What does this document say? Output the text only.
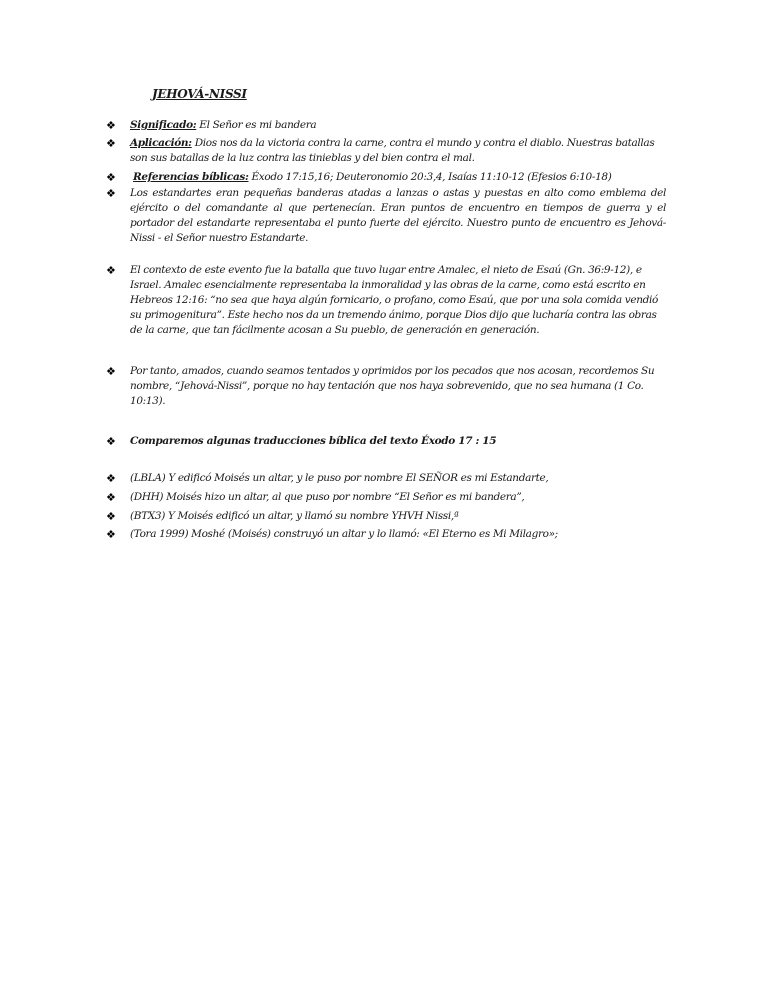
JEHOVÁ-NISSI
❖	Significado: El Señor es mi bandera
❖	Aplicación: Dios nos da la victoria contra la carne, contra el mundo y contra el diablo. Nuestras batallas son sus batallas de la luz contra las tinieblas y del bien contra el mal.
❖	Referencias bíblicas: Éxodo 17:15,16; Deuteronomio 20:3,4, Isaías 11:10-12 (Efesios 6:10-18)
❖	Los estandartes eran pequeñas banderas atadas a lanzas o astas y puestas en alto como emblema del ejército o del comandante al que pertenecían. Eran puntos de encuentro en tiempos de guerra y el portador del estandarte representaba el punto fuerte del ejército. Nuestro punto de encuentro es Jehová-Nissi - el Señor nuestro Estandarte.
❖	El contexto de este evento fue la batalla que tuvo lugar entre Amalec, el nieto de Esaú (Gn. 36:9-12), e Israel. Amalec esencialmente representaba la inmoralidad y las obras de la carne, como está escrito en Hebreos 12:16: “no sea que haya algún fornicario, o profano, como Esaú, que por una sola comida vendió su primogenitura”. Este hecho nos da un tremendo ánimo, porque Dios dijo que lucharía contra las obras de la carne, que tan fácilmente acosan a Su pueblo, de generación en generación.
❖	Por tanto, amados, cuando seamos tentados y oprimidos por los pecados que nos acosan, recordemos Su nombre, “Jehová-Nissi”, porque no hay tentación que nos haya sobrevenido, que no sea humana (1 Co. 10:13).
❖	Comparemos algunas traducciones bíblica del texto Éxodo 17 : 15
❖	(LBLA) Y edificó Moisés un altar, y le puso por nombre El SEÑOR es mi Estandarte,
❖	(DHH) Moisés hizo un altar, al que puso por nombre “El Señor es mi bandera”,
❖	(BTX3) Y Moisés edificó un altar, y llamó su nombre YHVH Nissi,ª
❖	(Tora 1999) Moshé (Moisés) construyó un altar y lo llamó: «El Eterno es Mi Milagro»;
